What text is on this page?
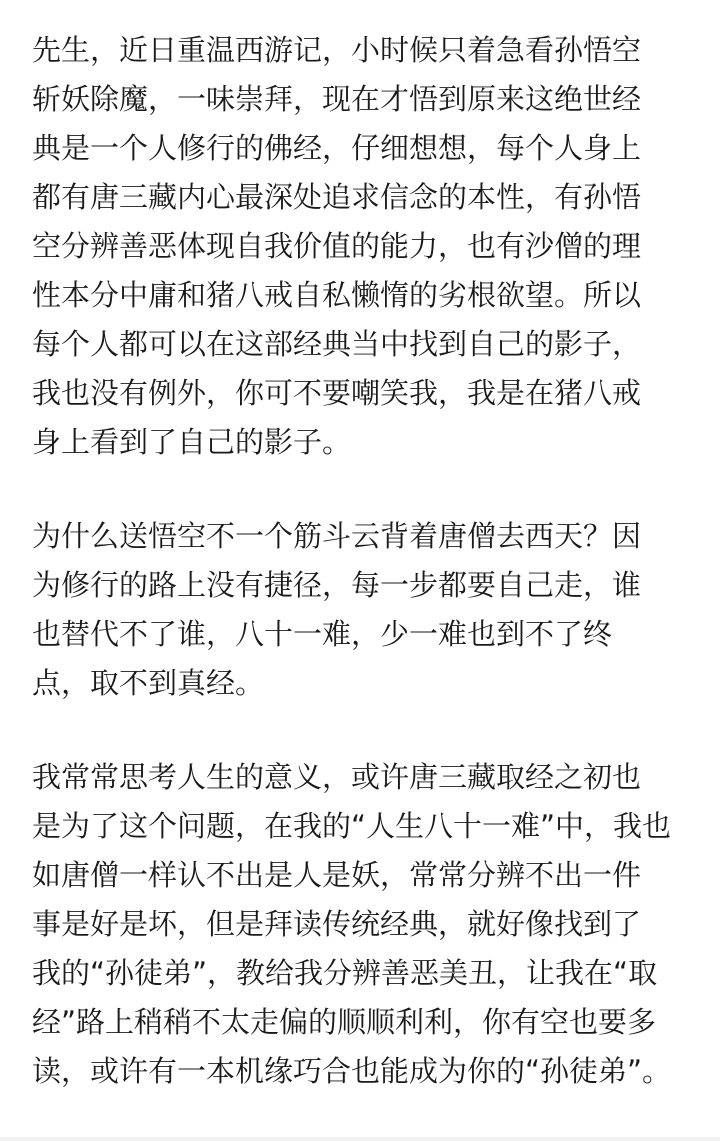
先生，近日重温西游记，小时候只着急看孙悟空
斩妖除魔，一味崇拜，现在才悟到原来这绝世经
典是一个人修行的佛经，仔细想想，每个人身上
都有唐三藏内心最深处追求信念的本性，有孙悟
空分辨善恶体现自我价值的能力，也有沙僧的理
性本分中庸和猪八戒自私懒惰的劣根欲望。所以
每个人都可以在这部经典当中找到自己的影子，
我也没有例外，你可不要嘲笑我，我是在猪八戒
身上看到了自己的影子。

为什么送悟空不一个筋斗云背着唐僧去西天？因
为修行的路上没有捷径，每一步都要自己走，谁
也替代不了谁，八十一难，少一难也到不了终
点，取不到真经。

我常常思考人生的意义，或许唐三藏取经之初也
是为了这个问题，在我的“人生八十一难”中，我也
如唐僧一样认不出是人是妖，常常分辨不出一件
事是好是坏，但是拜读传统经典，就好像找到了
我的“孙徒弟”，教给我分辨善恶美丑，让我在“取
经”路上稍稍不太走偏的顺顺利利，你有空也要多
读，或许有一本机缘巧合也能成为你的“孙徒弟”。
